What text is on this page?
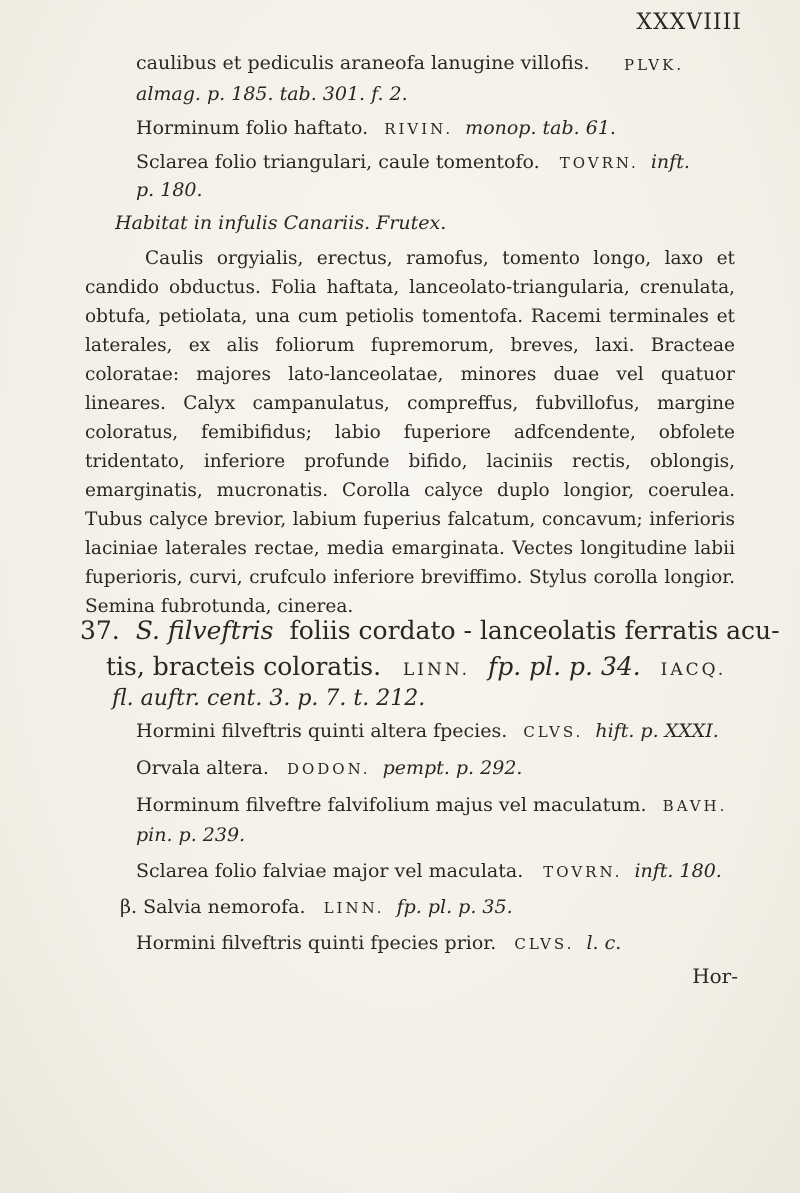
XXXVIIII
caulibus et pediculis araneofa lanugine villofis. PLVK.
almag. p. 185. tab. 301. f. 2.
Horminum folio haftato. RIVIN. monop. tab. 61.
Sclarea folio triangulari, caule tomentofo. TOVRN. inft.
p. 180.
Habitat in infulis Canariis. Frutex.
Caulis orgyialis, erectus, ramofus, tomento longo, laxo et candido obductus. Folia haftata, lanceolato-triangularia, crenulata, obtufa, petiolata, una cum petiolis tomentofa. Racemi terminales et laterales, ex alis foliorum fupremorum, breves, laxi. Bracteae coloratae: majores lato-lanceolatae, minores duae vel quatuor lineares. Calyx campanulatus, compreffus, fubvillofus, margine coloratus, femibifidus; labio fuperiore adfcendente, obfolete tridentato, inferiore profunde bifido, laciniis rectis, oblongis, emarginatis, mucronatis. Corolla calyce duplo longior, coerulea. Tubus calyce brevior, labium fuperius falcatum, concavum; inferioris laciniae laterales rectae, media emarginata. Vectes longitudine labii fuperioris, curvi, crufculo inferiore breviffimo. Stylus corolla longior. Semina fubrotunda, cinerea.
37. S. filveftris foliis cordato - lanceolatis ferratis acu-
tis, bracteis coloratis. LINN. fp. pl. p. 34. IACQ.
fl. auftr. cent. 3. p. 7. t. 212.
Hormini filveftris quinti altera fpecies. CLVS. hift. p. XXXI.
Orvala altera. DODON. pempt. p. 292.
Horminum filveftre falvifolium majus vel maculatum. BAVH.
pin. p. 239.
Sclarea folio falviae major vel maculata. TOVRN. inft. 180.
β. Salvia nemorofa. LINN. fp. pl. p. 35.
Hormini filveftris quinti fpecies prior. CLVS. l. c.
Hor-
